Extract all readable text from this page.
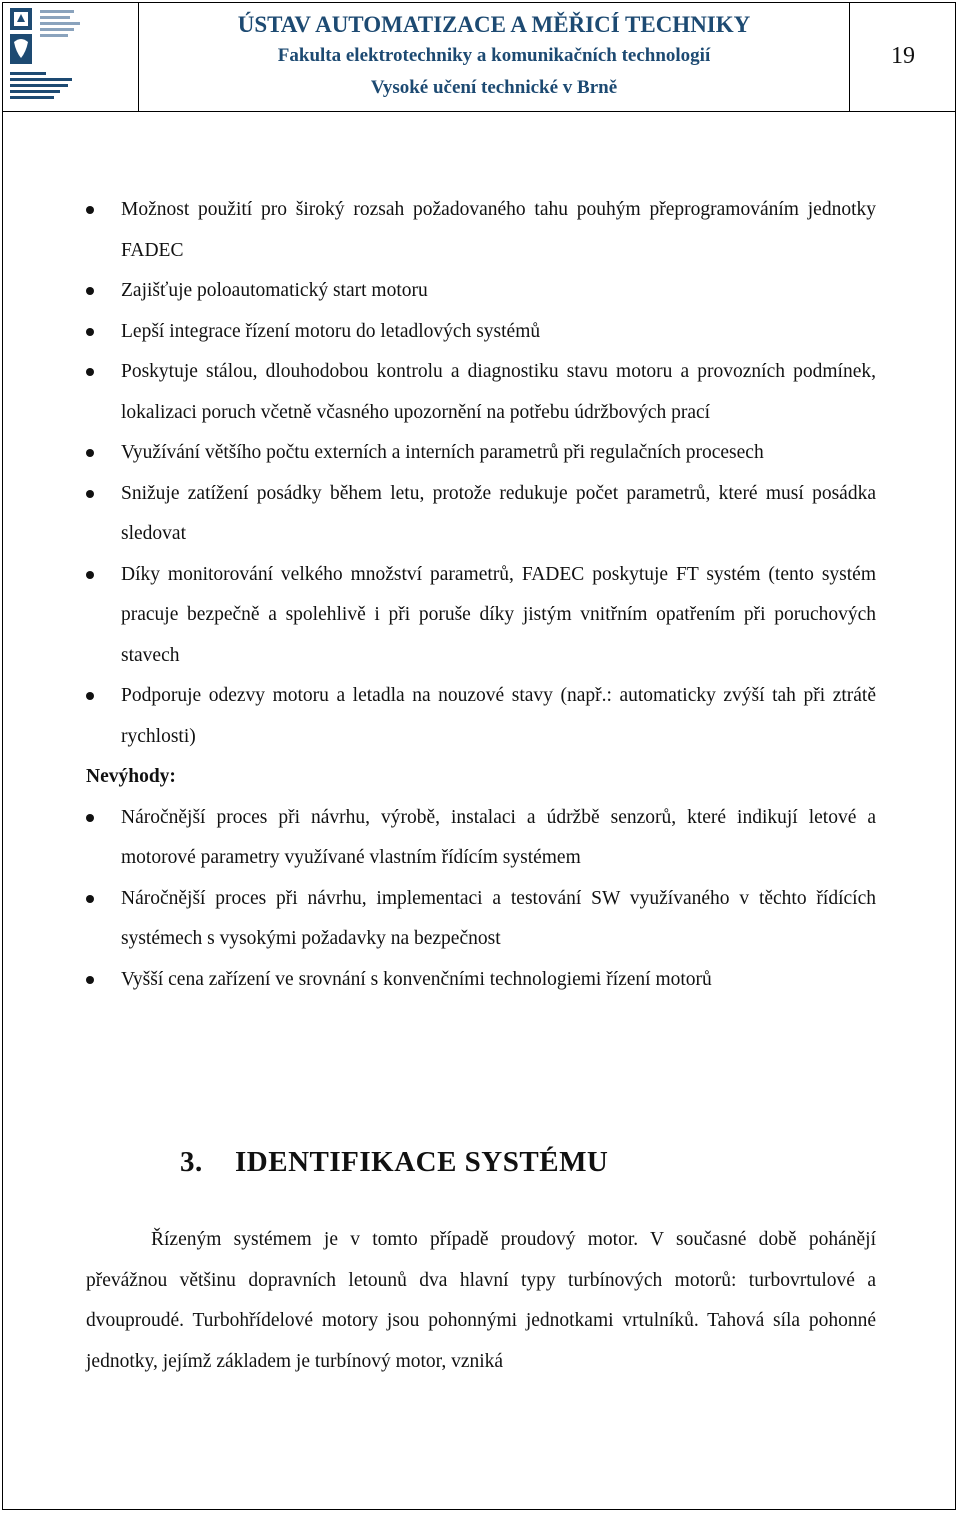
ÚSTAV AUTOMATIZACE A MĚŘICÍ TECHNIKY
Fakulta elektrotechniky a komunikačních technologií
Vysoké učení technické v Brně
19
Možnost použití pro široký rozsah požadovaného tahu pouhým přeprogramováním jednotky FADEC
Zajišťuje poloautomatický start motoru
Lepší integrace řízení motoru do letadlových systémů
Poskytuje stálou, dlouhodobou kontrolu a diagnostiku stavu motoru a provozních podmínek, lokalizaci poruch včetně včasného upozornění na potřebu údržbových prací
Využívání většího počtu externích a interních parametrů při regulačních procesech
Snižuje zatížení posádky během letu, protože redukuje počet parametrů, které musí posádka sledovat
Díky monitorování velkého množství parametrů, FADEC poskytuje FT systém (tento systém pracuje bezpečně a spolehlivě i při poruše díky jistým vnitřním opatřením při poruchových stavech
Podporuje odezvy motoru a letadla na nouzové stavy (např.: automaticky zvýší tah při ztrátě rychlosti)
Nevýhody:
Náročnější proces při návrhu, výrobě, instalaci a údržbě senzorů, které indikují letové a motorové parametry využívané vlastním řídícím systémem
Náročnější proces při návrhu, implementaci a testování SW využívaného v těchto řídících systémech s vysokými požadavky na bezpečnost
Vyšší cena zařízení ve srovnání s konvenčními technologiemi řízení motorů
3. IDENTIFIKACE SYSTÉMU
Řízeným systémem je v tomto případě proudový motor. V současné době pohánějí převážnou většinu dopravních letounů dva hlavní typy turbínových motorů: turbovrtulové a dvouproudé. Turbohřídelové motory jsou pohonnými jednotkami vrtulníků. Tahová síla pohonné jednotky, jejímž základem je turbínový motor, vzniká
